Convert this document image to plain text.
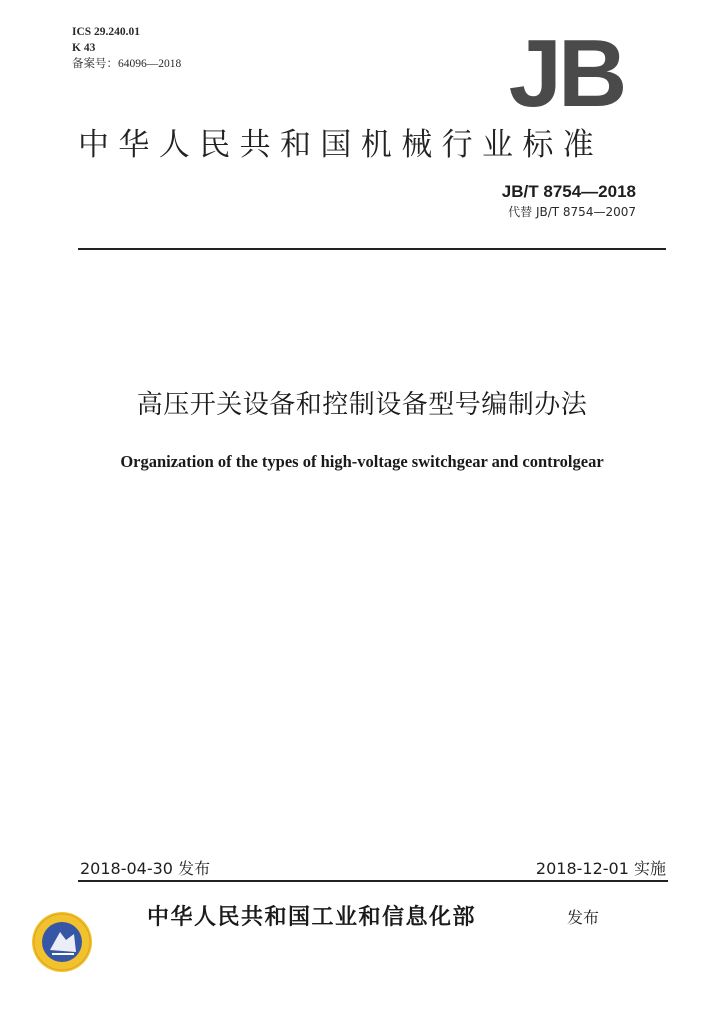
ICS 29.240.01
K 43
备案号：64096—2018	JB
中华人民共和国机械行业标准
JB/T 8754—2018
代替 JB/T 8754—2007
高压开关设备和控制设备型号编制办法
Organization of the types of high-voltage switchgear and controlgear
2018-04-30 发布	2018-12-01 实施
中华人民共和国工业和信息化部	发布
